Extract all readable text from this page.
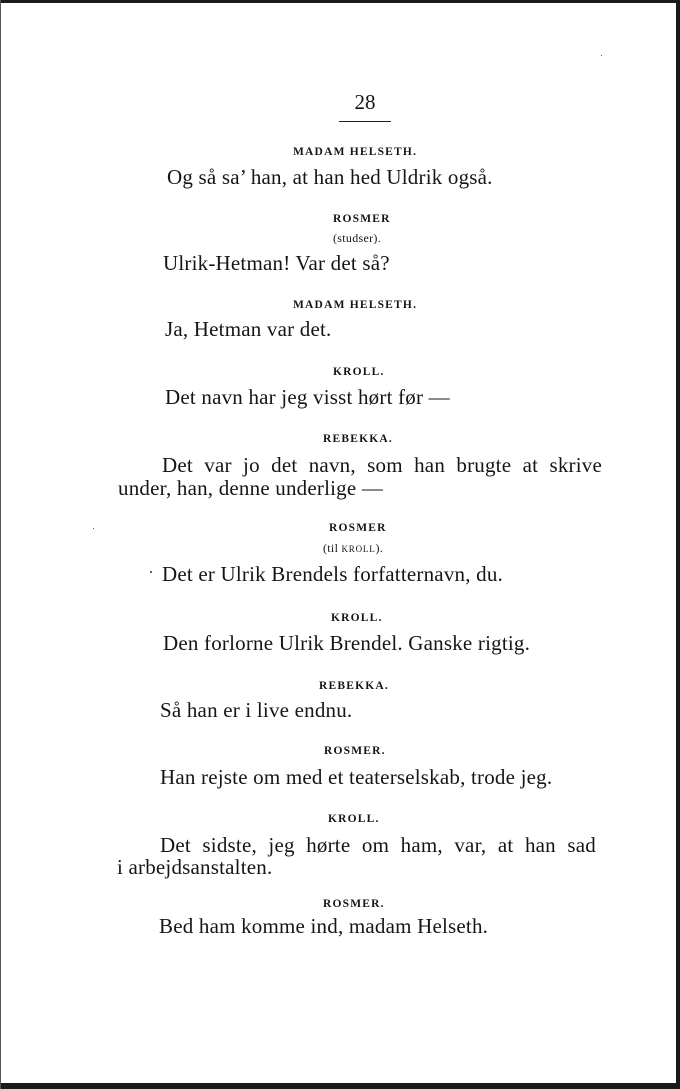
28
MADAM HELSETH.
Og så sa’ han, at han hed Uldrik også.
ROSMER
(studser).
Ulrik-Hetman! Var det så?
MADAM HELSETH.
Ja, Hetman var det.
KROLL.
Det navn har jeg visst hørt før —
REBEKKA.
Det var jo det navn, som han brugte at skrive
under, han, denne underlige —
ROSMER
(til KROLL).
Det er Ulrik Brendels forfatternavn, du.
KROLL.
Den forlorne Ulrik Brendel. Ganske rigtig.
REBEKKA.
Så han er i live endnu.
ROSMER.
Han rejste om med et teaterselskab, trode jeg.
KROLL.
Det sidste, jeg hørte om ham, var, at han sad
i arbejdsanstalten.
ROSMER.
Bed ham komme ind, madam Helseth.
